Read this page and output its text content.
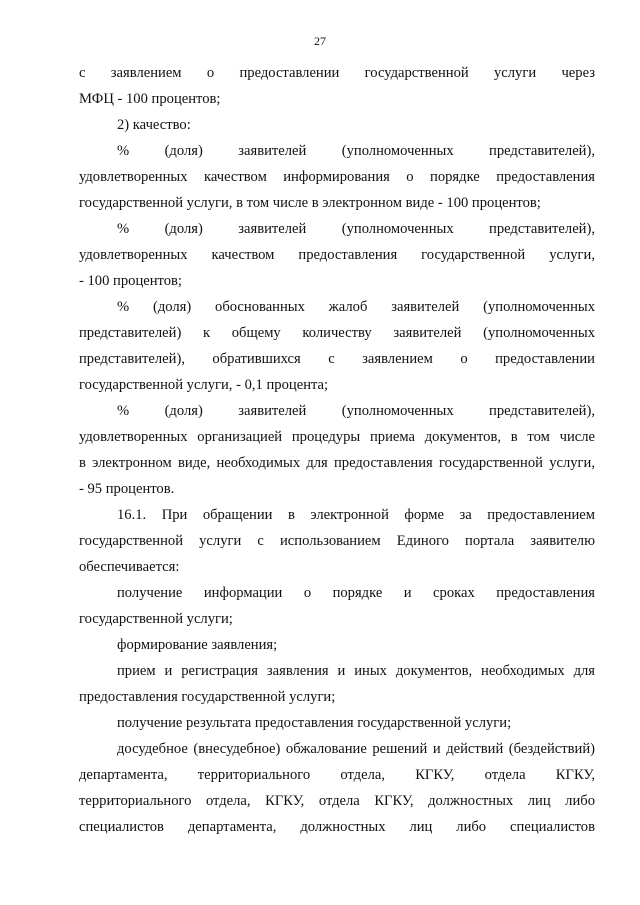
27

с заявлением о предоставлении государственной услуги через

МФЦ - 100 процентов;

2) качество:

% (доля) заявителей (уполномоченных представителей),

удовлетворенных качеством информирования о порядке предоставления

государственной услуги, в том числе в электронном виде - 100 процентов;

% (доля) заявителей (уполномоченных представителей),

удовлетворенных качеством предоставления государственной услуги,

- 100 процентов;

% (доля) обоснованных жалоб заявителей (уполномоченных

представителей) к общему количеству заявителей (уполномоченных

представителей), обратившихся с заявлением о предоставлении

государственной услуги, - 0,1 процента;

% (доля) заявителей (уполномоченных представителей),

удовлетворенных организацией процедуры приема документов, в том числе

в электронном виде, необходимых для предоставления государственной услуги,

- 95 процентов.

16.1. При обращении в электронной форме за предоставлением

государственной услуги с использованием Единого портала заявителю

обеспечивается:

получение информации о порядке и сроках предоставления

государственной услуги;

формирование заявления;

прием и регистрация заявления и иных документов, необходимых для

предоставления государственной услуги;

получение результата предоставления государственной услуги;

досудебное (внесудебное) обжалование решений и действий (бездействий)

департамента, территориального отдела, КГКУ, отдела КГКУ,

территориального отдела, КГКУ, отдела КГКУ, должностных лиц либо

специалистов департамента, должностных лиц либо специалистов
